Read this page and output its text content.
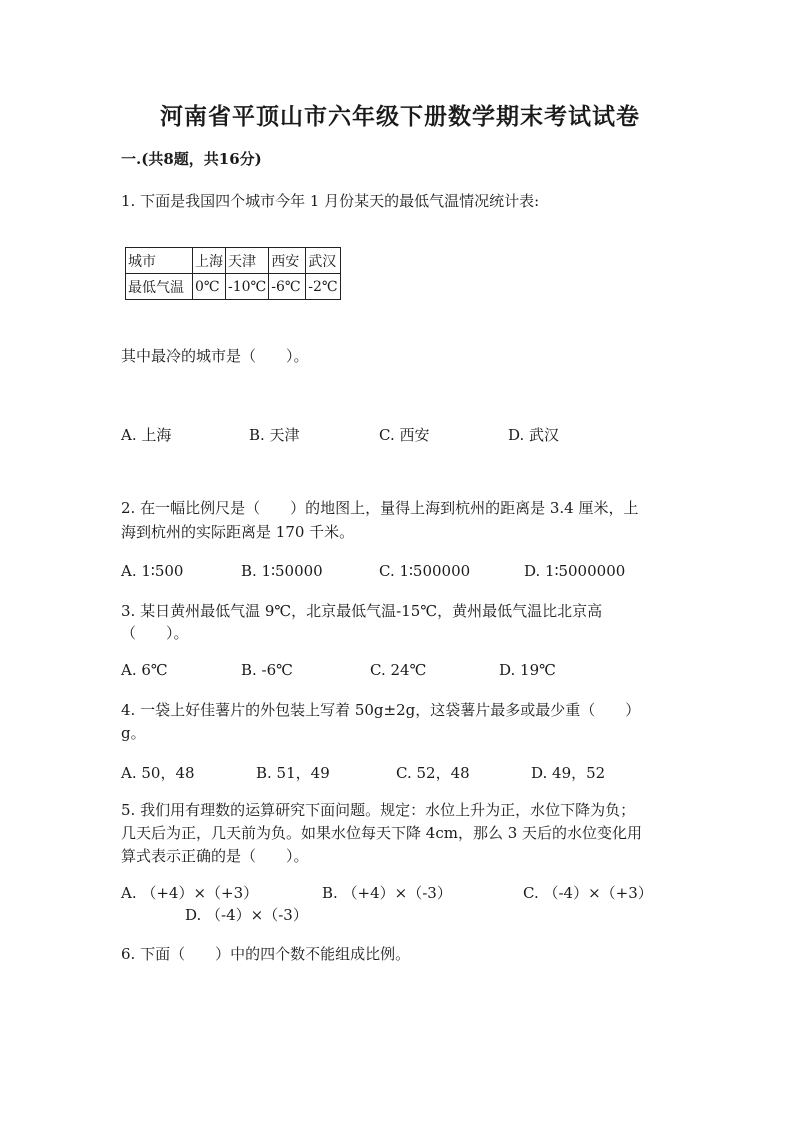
河南省平顶山市六年级下册数学期末考试试卷
一.(共8题，共16分)
1. 下面是我国四个城市今年 1 月份某天的最低气温情况统计表:
城市	上海	天津	西安	武汉
最低气温	0℃	-10℃	-6℃	-2℃
其中最冷的城市是（　　）。
A. 上海	B. 天津	C. 西安	D. 武汉
2. 在一幅比例尺是（　　）的地图上，量得上海到杭州的距离是 3.4 厘米，上
海到杭州的实际距离是 170 千米。
A. 1∶500	B. 1∶50000	C. 1∶500000	D. 1∶5000000
3. 某日黄州最低气温 9℃，北京最低气温-15℃，黄州最低气温比北京高
（　　）。
A. 6℃	B. -6℃	C. 24℃	D. 19℃
4. 一袋上好佳薯片的外包装上写着 50g±2g，这袋薯片最多或最少重（　　）
g。
A. 50，48	B. 51，49	C. 52，48	D. 49，52
5. 我们用有理数的运算研究下面问题。规定：水位上升为正，水位下降为负；
几天后为正，几天前为负。如果水位每天下降 4cm，那么 3 天后的水位变化用
算式表示正确的是（　　）。
A. （+4）×（+3）	B. （+4）×（-3）	C. （-4）×（+3）
D. （-4）×（-3）
6. 下面（　　）中的四个数不能组成比例。
